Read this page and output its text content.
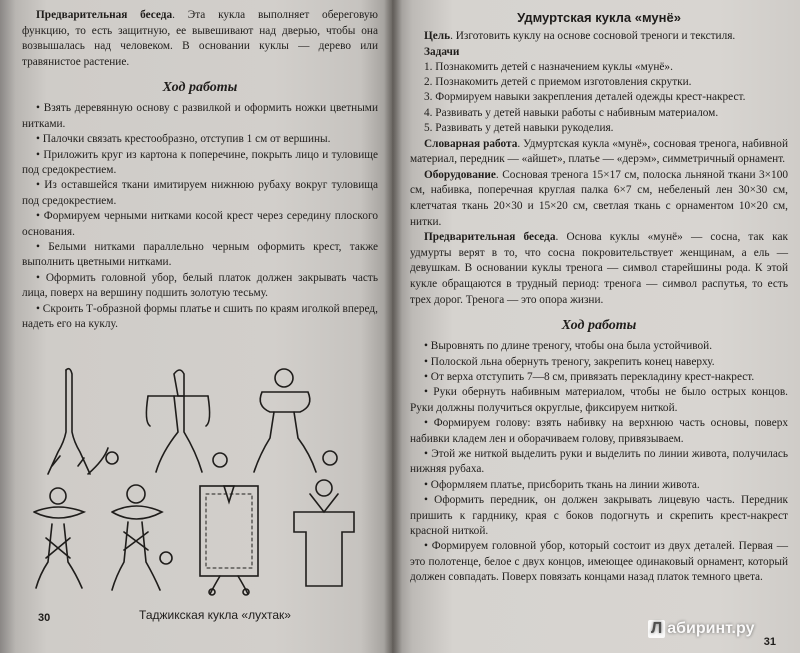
Предварительная беседа. Эта кукла выполняет обереговую функцию, то есть защитную, ее вывешивают над дверью, чтобы она возвышалась над человеком. В основании куклы — дерево или травянистое растение.

Ход работы
• Взять деревянную основу с развилкой и оформить ножки цветными нитками.
• Палочки связать крестообразно, отступив 1 см от вершины.
• Приложить круг из картона к поперечине, покрыть лицо и туловище под средокрестием.
• Из оставшейся ткани имитируем нижнюю рубаху вокруг туловища под средокрестием.
• Формируем черными нитками косой крест через середину плоского основания.
• Белыми нитками параллельно черным оформить крест, также выполнить цветными нитками.
• Оформить головной убор, белый платок должен закрывать часть лица, поверх на вершину подшить золотую тесьму.
• Скроить Т-образной формы платье и сшить по краям иголкой вперед, надеть его на куклу.
30	Таджикская кукла «лухтак»
Удмуртская кукла «мунё»

Цель. Изготовить куклу на основе сосновой треноги и текстиля.

Задачи
1. Познакомить детей с назначением куклы «мунё».
2. Познакомить детей с приемом изготовления скрутки.
3. Формируем навыки закрепления деталей одежды крест-накрест.
4. Развивать у детей навыки работы с набивным материалом.
5. Развивать у детей навыки рукоделия.

Словарная работа. Удмуртская кукла «мунё», сосновая тренога, набивной материал, передник — «айшет», платье — «дерэм», симметричный орнамент.

Оборудование. Сосновая тренога 15×17 см, полоска льняной ткани 3×100 см, набивка, поперечная круглая палка 6×7 см, небеленый лен 30×30 см, клетчатая ткань 20×30 и 15×20 см, светлая ткань с орнаментом 10×20 см, нитки.

Предварительная беседа. Основа куклы «мунё» — сосна, так как удмурты верят в то, что сосна покровительствует женщинам, а ель — девушкам. В основании куклы тренога — символ старейшины рода. К этой кукле обращаются в трудный период: тренога — символ распутья, то есть трех дорог. Тренога — это опора жизни.

Ход работы
• Выровнять по длине треногу, чтобы она была устойчивой.
• Полоской льна обернуть треногу, закрепить конец наверху.
• От верха отступить 7—8 см, привязать перекладину крест-накрест.
• Руки обернуть набивным материалом, чтобы не было острых концов. Руки должны получиться округлые, фиксируем ниткой.
• Формируем голову: взять набивку на верхнюю часть основы, поверх набивки кладем лен и оборачиваем голову, привязываем.
• Этой же ниткой выделить руки и выделить по линии живота, получилась нижняя рубаха.
• Оформляем платье, присборить ткань на линии живота.
• Оформить передник, он должен закрывать лицевую часть. Передник пришить к гарднику, края с боков подогнуть и скрепить крест-накрест красной ниткой.
• Формируем головной убор, который состоит из двух деталей. Первая — это полотенце, белое с двух концов, имеющее одинаковый орнамент, который должен совпадать. Поверх повязать концами назад платок темного цвета.
31
Л абиринт.ру
